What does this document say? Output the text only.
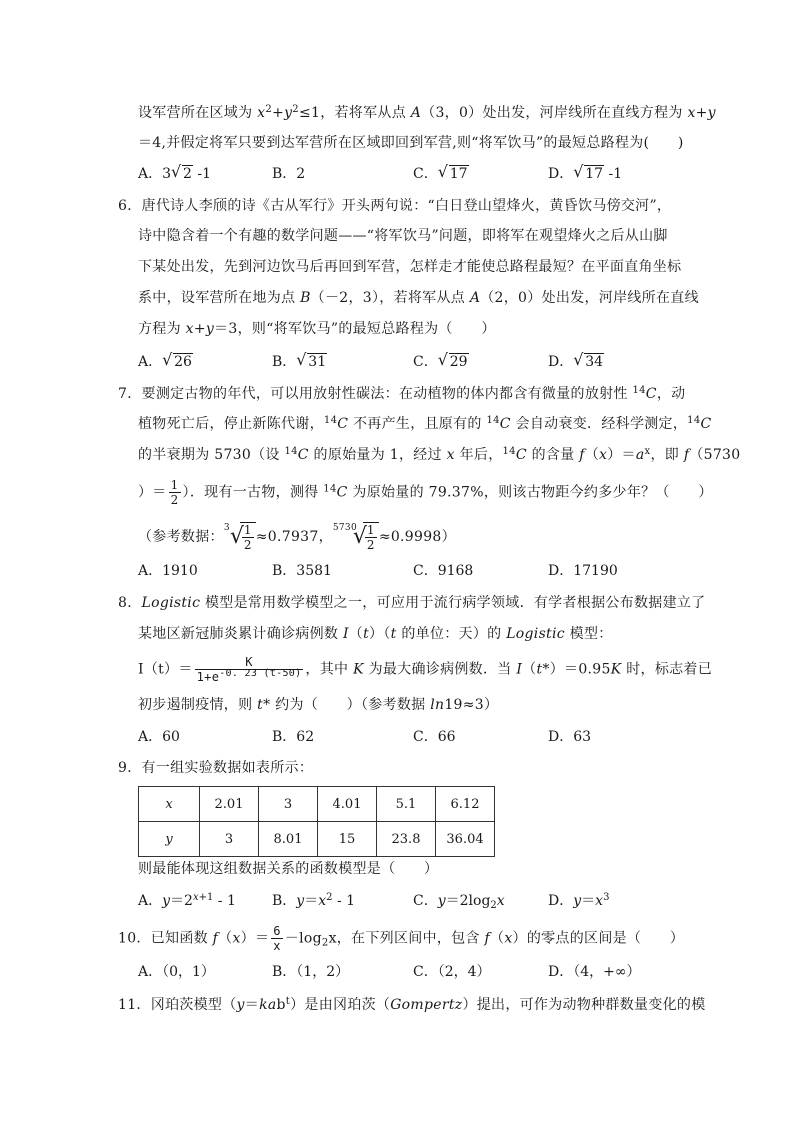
设军营所在区域为 $x^2+y^2\le 1$，若将军从点 A（3，0）处出发，河岸线所在直线方程为 x+y
＝4,并假定将军只要到达军营所在区域即回到军营,则“将军饮马”的最短总路程为(　　)
A．3 √ 2 -1	B．2	C． √ 17	D． √ 17 -1
6．唐代诗人李颀的诗《古从军行》开头两句说：“白日登山望烽火，黄昏饮马傍交河”，
诗中隐含着一个有趣的数学问题——“将军饮马”问题，即将军在观望烽火之后从山脚
下某处出发，先到河边饮马后再回到军营，怎样走才能使总路程最短？在平面直角坐标
系中，设军营所在地为点 B（－2，3），若将军从点 A（2，0）处出发，河岸线所在直线
方程为 x+y＝3，则“将军饮马”的最短总路程为（　　）
A． √ 26	B． √ 31	C． √ 29	D． √ 34
7．要测定古物的年代，可以用放射性碳法：在动植物的体内都含有微量的放射性 $^{14}$C，动
植物死亡后，停止新陈代谢，$^{14}$C 不再产生，且原有的 $^{14}$C 会自动衰变．经科学测定，$^{14}$C
的半衰期为 5730（设 $^{14}$C 的原始量为 1，经过 x 年后，$^{14}$C 的含量 $f(x)=a^x$，即 f（5730
）＝ $\frac{1}{2}$ ）．现有一古物，测得 $^{14}$C 为原始量的 79.37%，则该古物距今约多少年？（　　）
（参考数据：
3 √
$\frac{1}{2} \approx 0.7937$，
5730
√
$\frac{1}{2} \approx 0.9998$）
A．1910	B．3581	C．9168	D．17190
8．Logistic 模型是常用数学模型之一，可应用于流行病学领域．有学者根据公布数据建立了
某地区新冠肺炎累计确诊病例数 I（t）（t 的单位：天）的 Logistic 模型：
$I(t)= \frac{K}{1+e^{-0. 23 (t-50)}}$ ，其中 K 为最大确诊病例数．当 I（t*）＝0.95K 时，标志着已
初步遏制疫情，则 t* 约为（　　）（参考数据 ln19≈3）
A．60	B．62	C．66	D．63
9．有一组实验数据如表所示：
x	2.01	3	4.01	5.1	6.12
y	3	8.01	15	23.8	36.04
则最能体现这组数据关系的函数模型是（　　）
A．$y=2^{x+1} - 1$	B．$y=x^2 - 1$	C．$y=2\log_2x$	D．$y=x^3$
10．已知函数 $f(x)= \frac{6}{x} -\log_2x$，在下列区间中，包含 f（x）的零点的区间是（　　）
A．（0，1）	B．（1，2）	C．（2，4）	D．（4，+∞）
11．冈珀茨模型（y＝kab$^t$）是由冈珀茨（Gompertz）提出，可作为动物种群数量变化的模
